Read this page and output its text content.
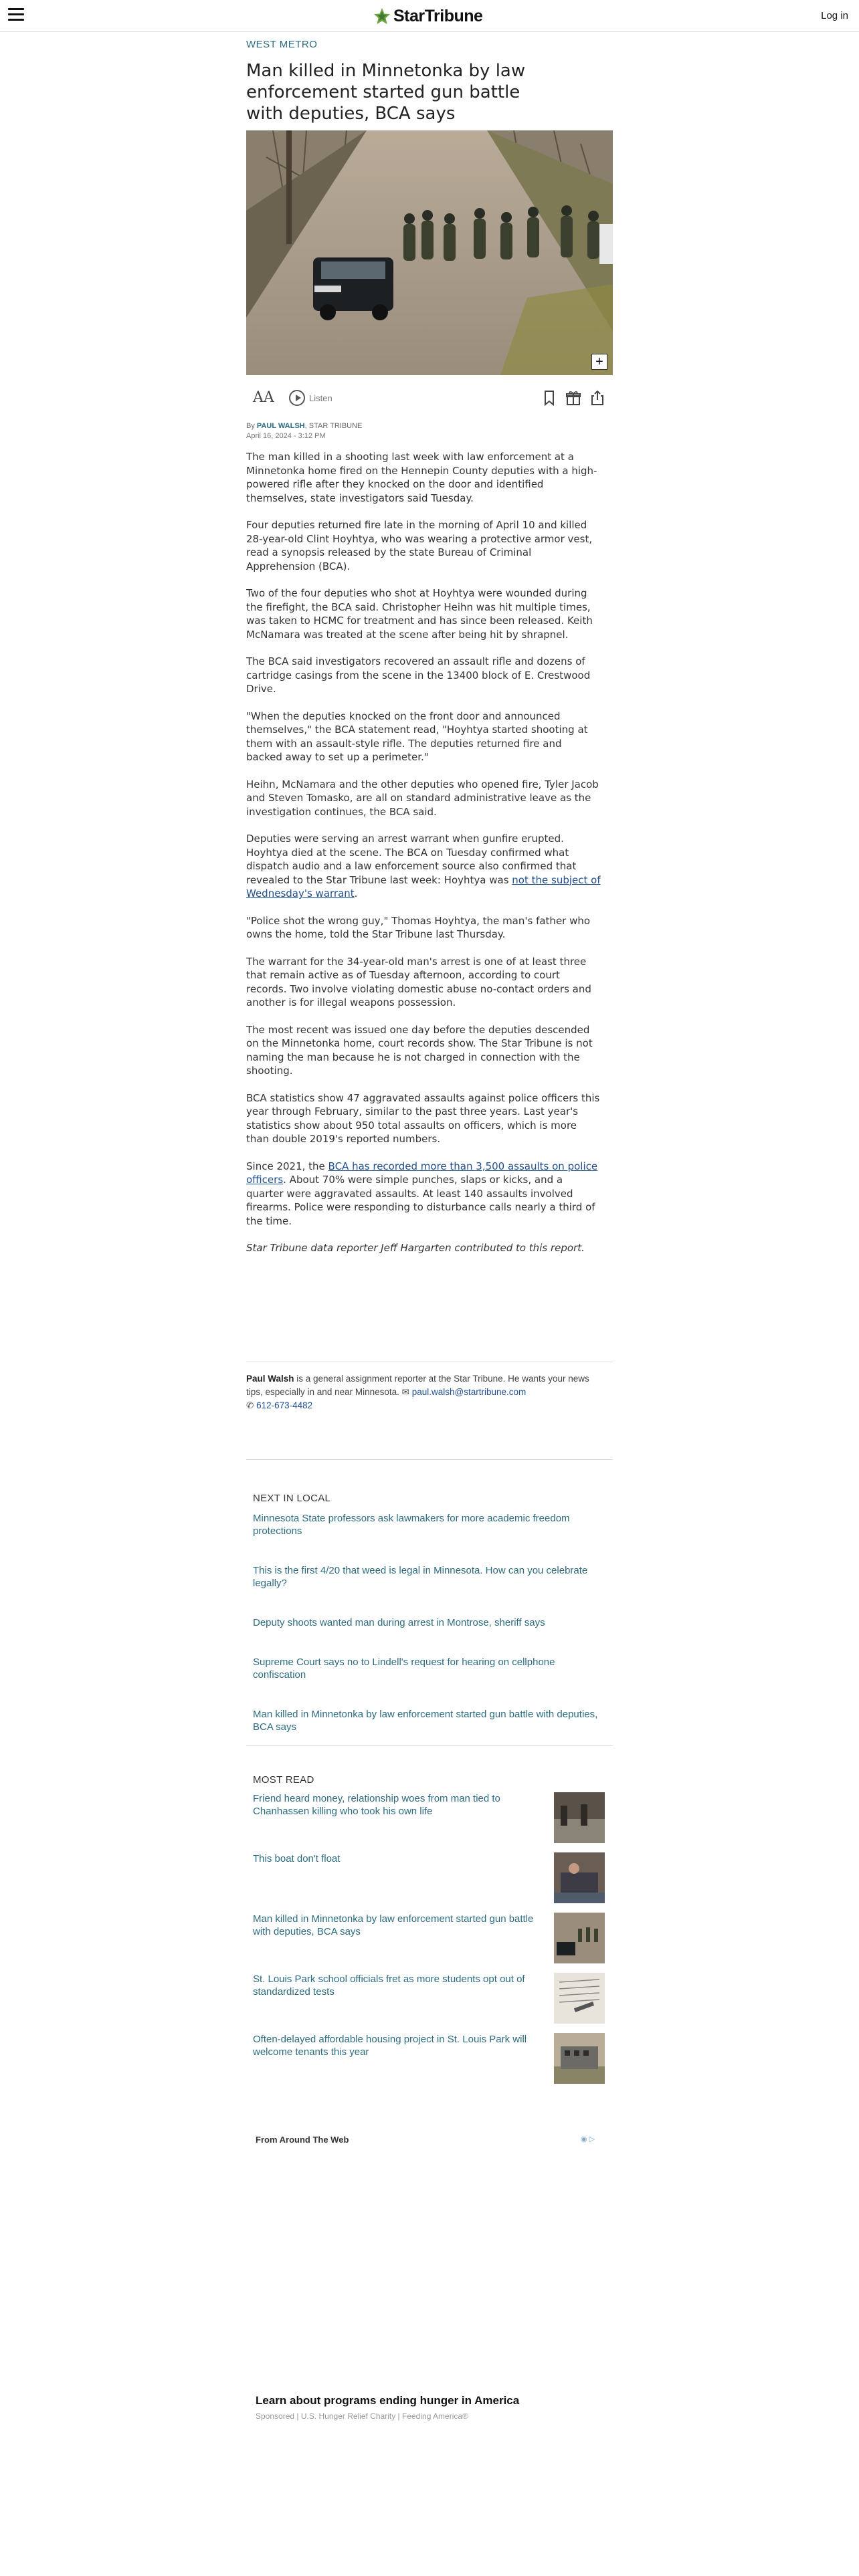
StarTribune	Log in
WEST METRO
Man killed in Minnetonka by law enforcement started gun battle with deputies, BCA says
+
AA	Listen
By PAUL WALSH, STAR TRIBUNE
April 16, 2024 - 3:12 PM

The man killed in a shooting last week with law enforcement at a Minnetonka home fired on the Hennepin County deputies with a high-powered rifle after they knocked on the door and identified themselves, state investigators said Tuesday.

Four deputies returned fire late in the morning of April 10 and killed 28-year-old Clint Hoyhtya, who was wearing a protective armor vest, read a synopsis released by the state Bureau of Criminal Apprehension (BCA).

Two of the four deputies who shot at Hoyhtya were wounded during the firefight, the BCA said. Christopher Heihn was hit multiple times, was taken to HCMC for treatment and has since been released. Keith McNamara was treated at the scene after being hit by shrapnel.

The BCA said investigators recovered an assault rifle and dozens of cartridge casings from the scene in the 13400 block of E. Crestwood Drive.

"When the deputies knocked on the front door and announced themselves," the BCA statement read, "Hoyhtya started shooting at them with an assault-style rifle. The deputies returned fire and backed away to set up a perimeter."

Heihn, McNamara and the other deputies who opened fire, Tyler Jacob and Steven Tomasko, are all on standard administrative leave as the investigation continues, the BCA said.

Deputies were serving an arrest warrant when gunfire erupted. Hoyhtya died at the scene. The BCA on Tuesday confirmed what dispatch audio and a law enforcement source also confirmed that revealed to the Star Tribune last week: Hoyhtya was not the subject of Wednesday's warrant.

"Police shot the wrong guy," Thomas Hoyhtya, the man's father who owns the home, told the Star Tribune last Thursday.

The warrant for the 34-year-old man's arrest is one of at least three that remain active as of Tuesday afternoon, according to court records. Two involve violating domestic abuse no-contact orders and another is for illegal weapons possession.

The most recent was issued one day before the deputies descended on the Minnetonka home, court records show. The Star Tribune is not naming the man because he is not charged in connection with the shooting.

BCA statistics show 47 aggravated assaults against police officers this year through February, similar to the past three years. Last year's statistics show about 950 total assaults on officers, which is more than double 2019's reported numbers.

Since 2021, the BCA has recorded more than 3,500 assaults on police officers. About 70% were simple punches, slaps or kicks, and a quarter were aggravated assaults. At least 140 assaults involved firearms. Police were responding to disturbance calls nearly a third of the time.

Star Tribune data reporter Jeff Hargarten contributed to this report.

Paul Walsh is a general assignment reporter at the Star Tribune. He wants your news tips, especially in and near Minnesota. ✉ paul.walsh@startribune.com
✆ 612-673-4482
NEXT IN LOCAL
Minnesota State professors ask lawmakers for more academic freedom protections
This is the first 4/20 that weed is legal in Minnesota. How can you celebrate legally?
Deputy shoots wanted man during arrest in Montrose, sheriff says
Supreme Court says no to Lindell's request for hearing on cellphone confiscation
Man killed in Minnetonka by law enforcement started gun battle with deputies, BCA says
MOST READ
Friend heard money, relationship woes from man tied to Chanhassen killing who took his own life
This boat don't float
Man killed in Minnetonka by law enforcement started gun battle with deputies, BCA says
St. Louis Park school officials fret as more students opt out of standardized tests
Often-delayed affordable housing project in St. Louis Park will welcome tenants this year
From Around The Web	◉ ▷
Learn about programs ending hunger in America
Sponsored | U.S. Hunger Relief Charity | Feeding America®
